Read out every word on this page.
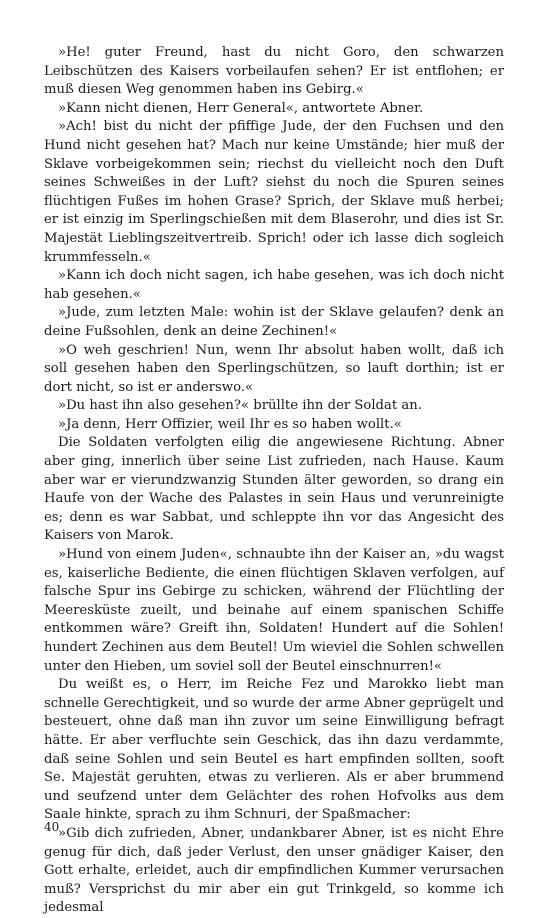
»He! guter Freund, hast du nicht Goro, den schwarzen Leibschützen des Kaisers vorbeilaufen sehen? Er ist entflohen; er muß diesen Weg genommen haben ins Gebirg.«

»Kann nicht dienen, Herr General«, antwortete Abner.

»Ach! bist du nicht der pfiffige Jude, der den Fuchsen und den Hund nicht gesehen hat? Mach nur keine Umstände; hier muß der Sklave vorbeigekommen sein; riechst du vielleicht noch den Duft seines Schweißes in der Luft? siehst du noch die Spuren seines flüchtigen Fußes im hohen Grase? Sprich, der Sklave muß herbei; er ist einzig im Sperlingschießen mit dem Blaserohr, und dies ist Sr. Majestät Lieblingszeitvertreib. Sprich! oder ich lasse dich sogleich krummfesseln.«

»Kann ich doch nicht sagen, ich habe gesehen, was ich doch nicht hab gesehen.«

»Jude, zum letzten Male: wohin ist der Sklave gelaufen? denk an deine Fußsohlen, denk an deine Zechinen!«

»O weh geschrien! Nun, wenn Ihr absolut haben wollt, daß ich soll gesehen haben den Sperlingschützen, so lauft dorthin; ist er dort nicht, so ist er anderswo.«

»Du hast ihn also gesehen?« brüllte ihn der Soldat an.

»Ja denn, Herr Offizier, weil Ihr es so haben wollt.«

Die Soldaten verfolgten eilig die angewiesene Richtung. Abner aber ging, innerlich über seine List zufrieden, nach Hause. Kaum aber war er vierundzwanzig Stunden älter geworden, so drang ein Haufe von der Wache des Palastes in sein Haus und verunreinigte es; denn es war Sabbat, und schleppte ihn vor das Angesicht des Kaisers von Marok.

»Hund von einem Juden«, schnaubte ihn der Kaiser an, »du wagst es, kaiserliche Bediente, die einen flüchtigen Sklaven verfolgen, auf falsche Spur ins Gebirge zu schicken, während der Flüchtling der Meeresküste zueilt, und beinahe auf einem spanischen Schiffe entkommen wäre? Greift ihn, Soldaten! Hundert auf die Sohlen! hundert Zechinen aus dem Beutel! Um wieviel die Sohlen schwellen unter den Hieben, um soviel soll der Beutel einschnurren!«

Du weißt es, o Herr, im Reiche Fez und Marokko liebt man schnelle Gerechtigkeit, und so wurde der arme Abner geprügelt und besteuert, ohne daß man ihn zuvor um seine Einwilligung befragt hätte. Er aber verfluchte sein Geschick, das ihn dazu verdammte, daß seine Sohlen und sein Beutel es hart empfinden sollten, sooft Se. Majestät geruhten, etwas zu verlieren. Als er aber brummend und seufzend unter dem Gelächter des rohen Hofvolks aus dem Saale hinkte, sprach zu ihm Schnuri, der Spaßmacher:

»Gib dich zufrieden, Abner, undankbarer Abner, ist es nicht Ehre genug für dich, daß jeder Verlust, den unser gnädiger Kaiser, den Gott erhalte, erleidet, auch dir empfindlichen Kummer verursachen muß? Versprichst du mir aber ein gut Trinkgeld, so komme ich jedesmal

40
